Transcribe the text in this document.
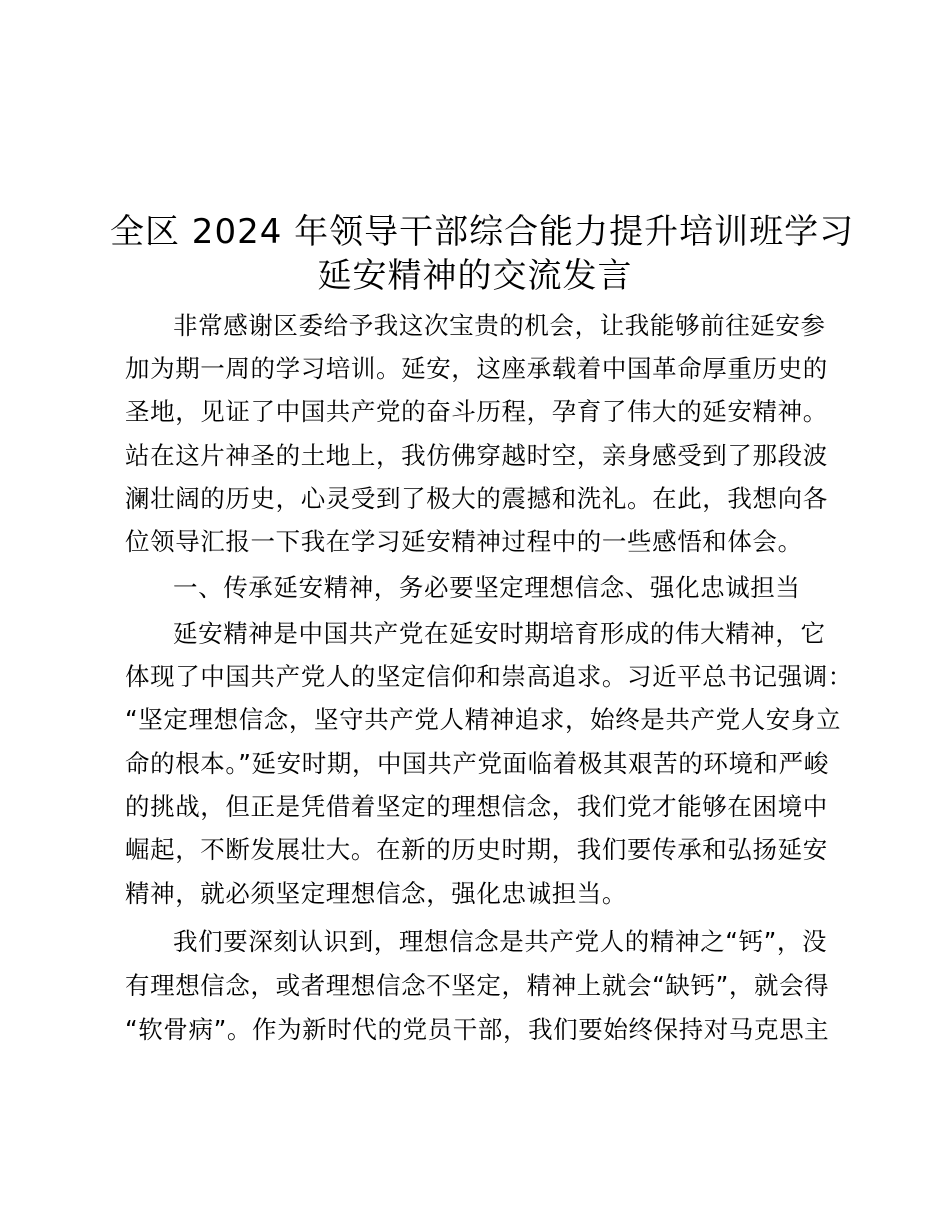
全区 2024 年领导干部综合能力提升培训班学习
延安精神的交流发言
非常感谢区委给予我这次宝贵的机会，让我能够前往延安参
加为期一周的学习培训。延安，这座承载着中国革命厚重历史的
圣地，见证了中国共产党的奋斗历程，孕育了伟大的延安精神。
站在这片神圣的土地上，我仿佛穿越时空，亲身感受到了那段波
澜壮阔的历史，心灵受到了极大的震撼和洗礼。在此，我想向各
位领导汇报一下我在学习延安精神过程中的一些感悟和体会。
一、传承延安精神，务必要坚定理想信念、强化忠诚担当
延安精神是中国共产党在延安时期培育形成的伟大精神，它
体现了中国共产党人的坚定信仰和崇高追求。习近平总书记强调：
“坚定理想信念，坚守共产党人精神追求，始终是共产党人安身立
命的根本。”延安时期，中国共产党面临着极其艰苦的环境和严峻
的挑战，但正是凭借着坚定的理想信念，我们党才能够在困境中
崛起，不断发展壮大。在新的历史时期，我们要传承和弘扬延安
精神，就必须坚定理想信念，强化忠诚担当。
我们要深刻认识到，理想信念是共产党人的精神之“钙”，没
有理想信念，或者理想信念不坚定，精神上就会“缺钙”，就会得
“软骨病”。作为新时代的党员干部，我们要始终保持对马克思主
